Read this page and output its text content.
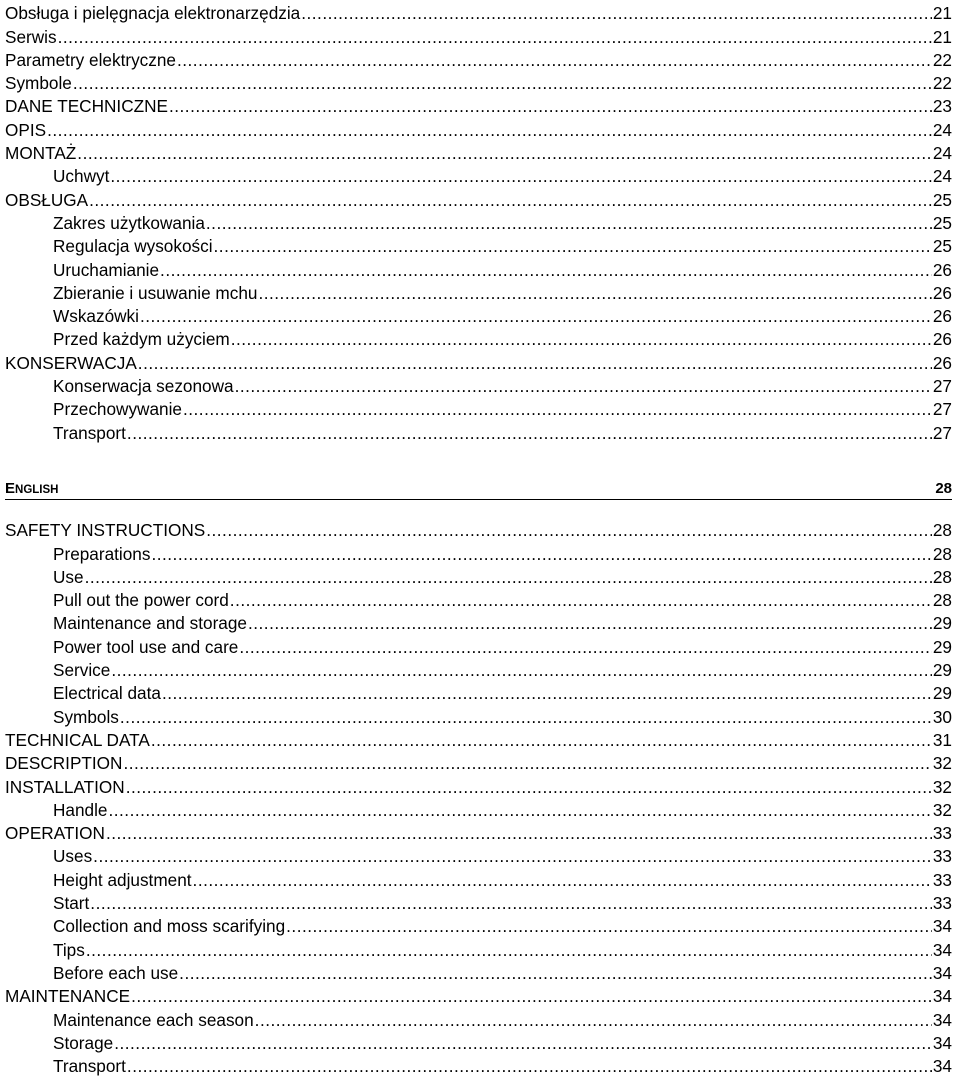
Obsługa i pielęgnacja elektronarzędzia .....	21
Serwis .....	21
Parametry elektryczne .....	22
Symbole .....	22
DANE TECHNICZNE .....	23
OPIS .....	24
MONTAŻ .....	24
Uchwyt .....	24
OBSŁUGA .....	25
Zakres użytkowania .....	25
Regulacja wysokości .....	25
Uruchamianie .....	26
Zbieranie i usuwanie mchu .....	26
Wskazówki .....	26
Przed każdym użyciem .....	26
KONSERWACJA .....	26
Konserwacja sezonowa .....	27
Przechowywanie .....	27
Transport .....	27
ENGLISH	28
SAFETY INSTRUCTIONS .....	28
Preparations .....	28
Use .....	28
Pull out the power cord .....	28
Maintenance and storage .....	29
Power tool use and care .....	29
Service .....	29
Electrical data .....	29
Symbols .....	30
TECHNICAL DATA .....	31
DESCRIPTION .....	32
INSTALLATION .....	32
Handle .....	32
OPERATION .....	33
Uses .....	33
Height adjustment .....	33
Start .....	33
Collection and moss scarifying .....	34
Tips .....	34
Before each use .....	34
MAINTENANCE .....	34
Maintenance each season .....	34
Storage .....	34
Transport .....	34
